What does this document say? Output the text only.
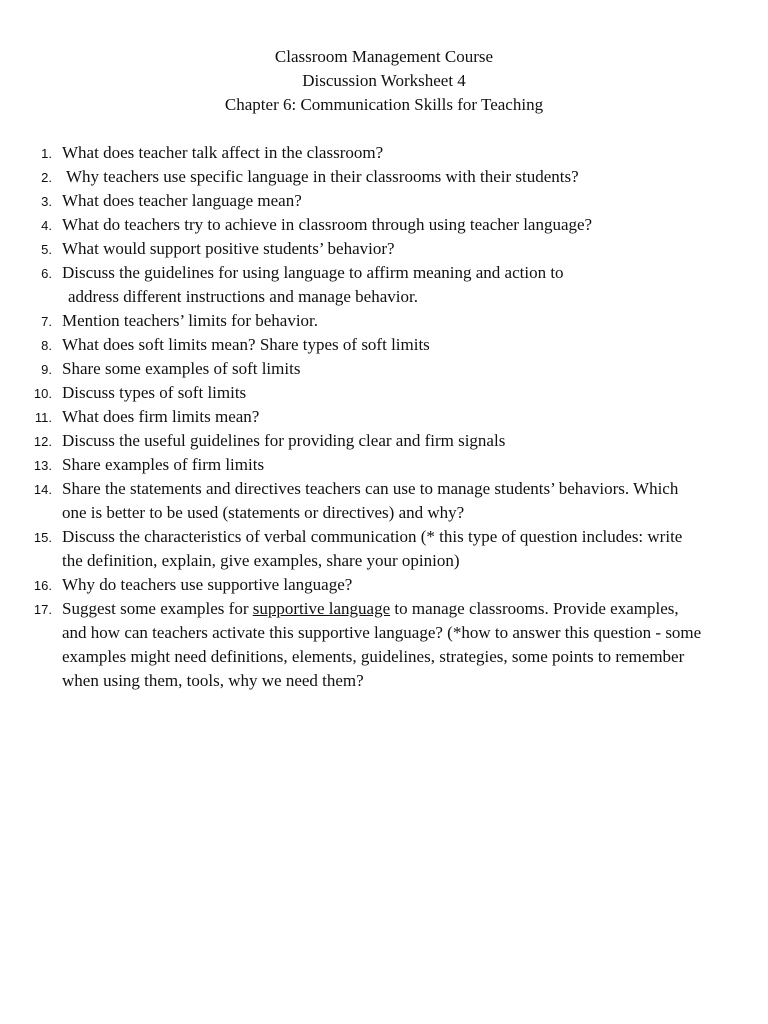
Classroom Management Course
Discussion Worksheet 4
Chapter 6: Communication Skills for Teaching
1. What does teacher talk affect in the classroom?
2. Why teachers use specific language in their classrooms with their students?
3. What does teacher language mean?
4. What do teachers try to achieve in classroom through using teacher language?
5. What would support positive students’ behavior?
6. Discuss the guidelines for using language to affirm meaning and action to
address different instructions and manage behavior.
7. Mention teachers’ limits for behavior.
8. What does soft limits mean? Share types of soft limits
9. Share some examples of soft limits
10. Discuss types of soft limits
11. What does firm limits mean?
12. Discuss the useful guidelines for providing clear and firm signals
13. Share examples of firm limits
14. Share the statements and directives teachers can use to manage students’ behaviors. Which
one is better to be used (statements or directives) and why?
15. Discuss the characteristics of verbal communication (* this type of question includes: write
the definition, explain, give examples, share your opinion)
16. Why do teachers use supportive language?
17. Suggest some examples for supportive language to manage classrooms. Provide examples,
and how can teachers activate this supportive language? (*how to answer this question - some
examples might need definitions, elements, guidelines, strategies, some points to remember
when using them, tools, why we need them?
